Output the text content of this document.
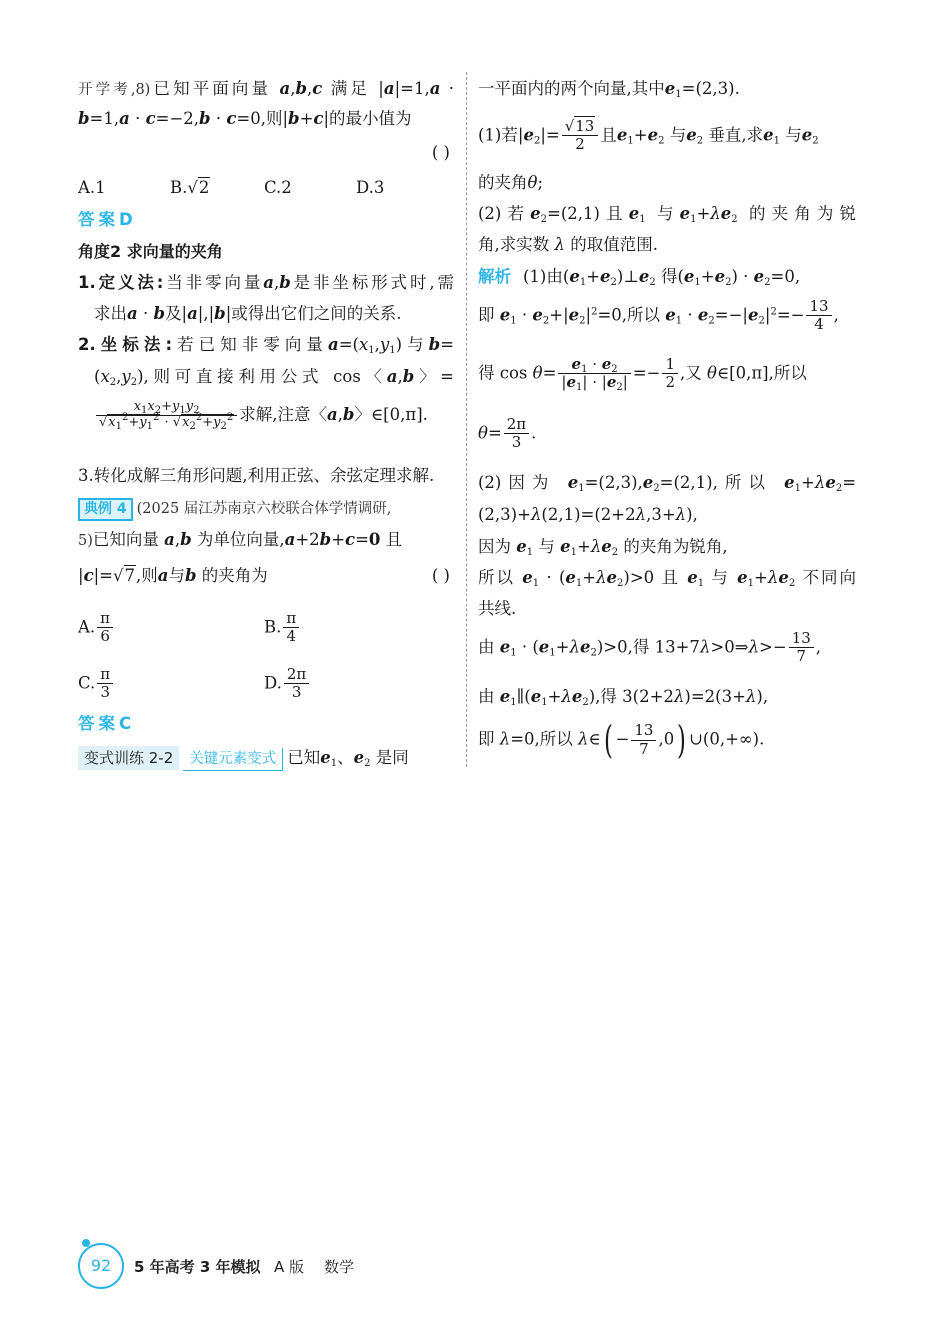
开学考,8)已知平面向量 a,b,c 满足 |a|=1,a ·
b=1,a · c=−2,b · c=0,则|b+c|的最小值为
( )
A.1	B.√2	C.2	D.3
答案D
角度2 求向量的夹角
1.定义法:当非零向量a,b是非坐标形式时,需
求出a · b及|a|,|b|或得出它们之间的关系.
2.坐标法:若已知非零向量$a=(x_1,y_1)$与b=
$(x_2,y_2)$,则可直接利用公式 cos〈a,b〉=
$\frac{x_1x_2+y_1y_2}{√x_1^2+y_1^2 \cdot √x_2^2+y_2^2}$ 求解,注意〈a,b〉∈[0,π].
3.转化成解三角形问题,利用正弦、余弦定理求解.
典例 4 (2025 届江苏南京六校联合体学情调研,
5)已知向量 a,b 为单位向量,a+2b+c=0 且
|c|=√7,则a与b 的夹角为	( )
A. $\frac{\pi}{6}$	B. $\frac{\pi}{4}$
C. $\frac{\pi}{3}$	D. $\frac{2\pi}{3}$
答案C
变式训练 2-2 关键元素变式 已知$e_1$、$e_2$ 是同
一平面内的两个向量,其中$e_1=(2,3)$.
(1)若$|e_2|= \frac{√13}{2}$ 且$e_1+e_2$ 与$e_2$ 垂直,求$e_1$ 与$e_2$
的夹角θ;
(2)若$e_2=(2,1)$且$e_1$ 与$e_1+\lambda e_2$ 的夹角为锐
角,求实数 λ 的取值范围.
解析 (1)由$(e_1+e_2)\perp e_2$ 得$(e_1+e_2) \cdot e_2=0$,
即 $e_1 \cdot e_2+|e_2|^2=0$,所以 $e_1 \cdot e_2=-|e_2|^2=- \frac{13}{4}$ ,
得 $\cos \theta= \frac{e_1 \cdot e_2}{|e_1| \cdot |e_2|} =- \frac{1}{2}$ ,又 θ∈[0,π],所以
$\theta= \frac{2\pi}{3}$ .
(2)因为 $e_1=(2,3),e_2=(2,1)$,所以 $e_1+\lambda e_2=$
(2,3)+λ(2,1)=(2+2λ,3+λ),
因为 $e_1$ 与 $e_1+\lambda e_2$ 的夹角为锐角,
所以 $e_1 \cdot (e_1+\lambda e_2)>0$ 且 $e_1$ 与 $e_1+\lambda e_2$ 不同向
共线.
由 $e_1 \cdot (e_1+\lambda e_2)>0$,得 13+7λ>0⇒λ>− $\frac{13}{7}$ ,
由 $e_1\parallel(e_1+\lambda e_2)$,得 3(2+2λ)=2(3+λ),
即 λ=0,所以 λ∈( − $\frac{13}{7} ,0$) ∪(0,+∞).
92	5 年高考 3 年模拟 A 版 数学
